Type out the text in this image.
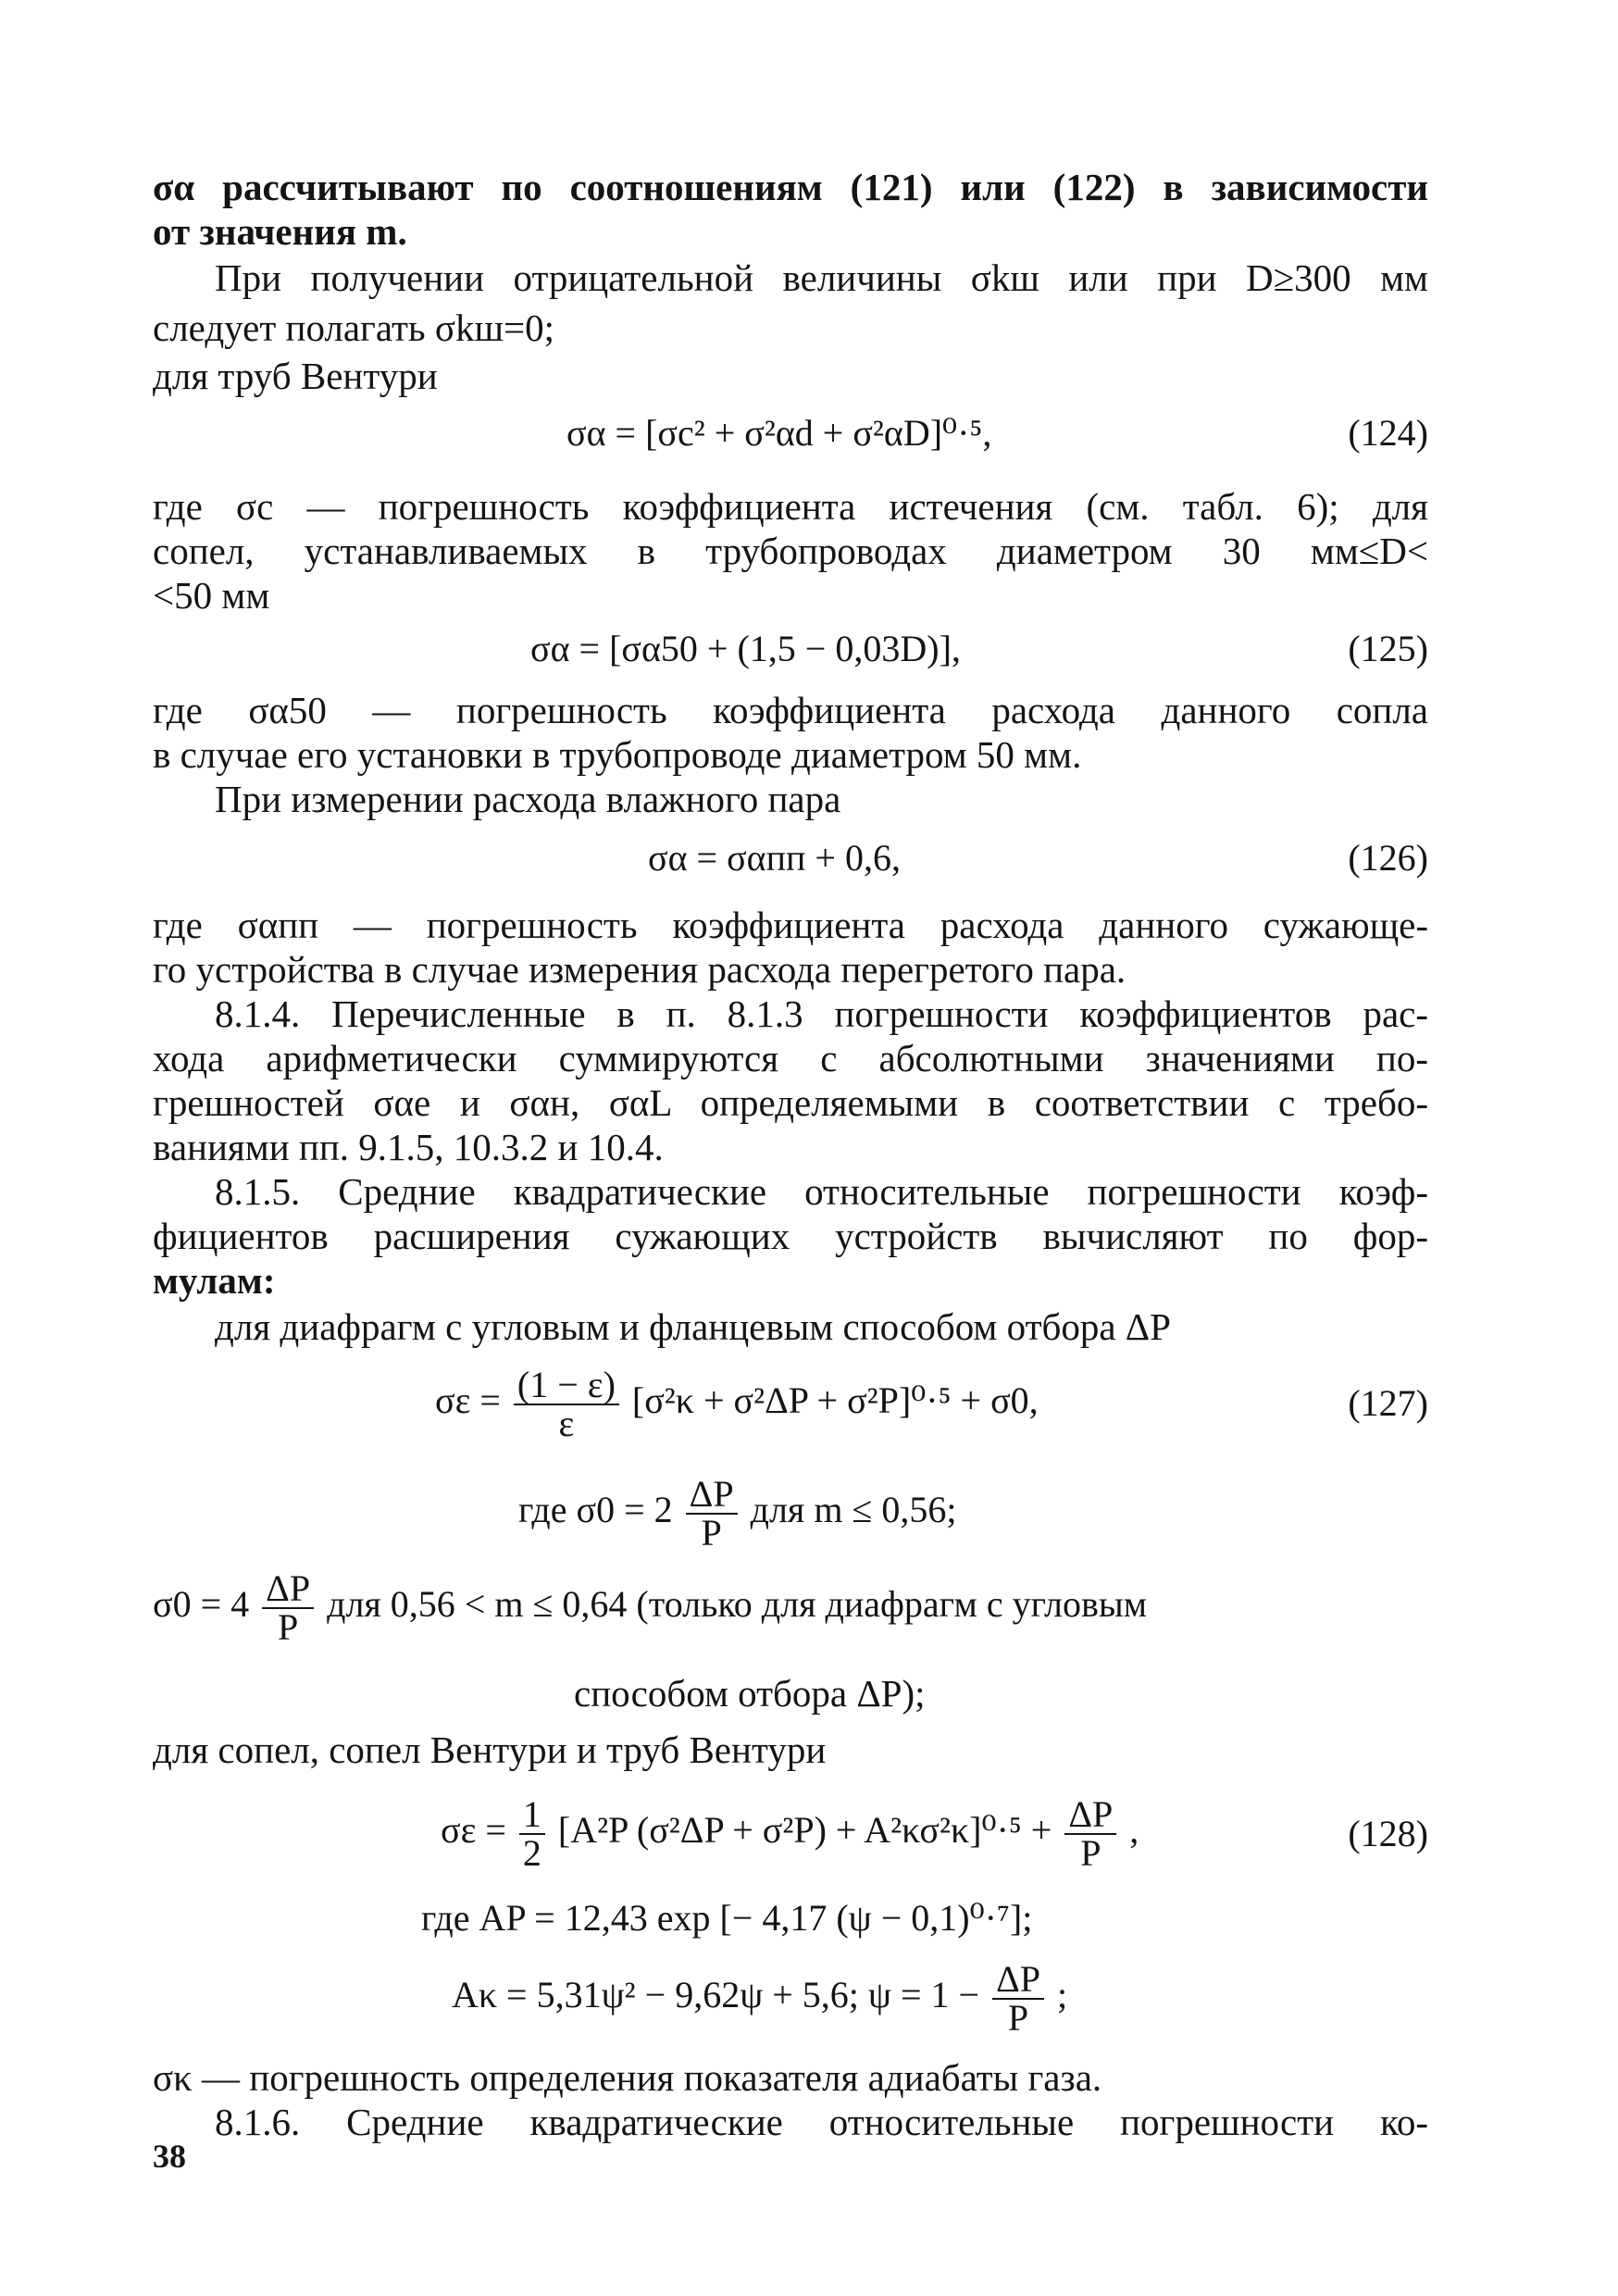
σα рассчитывают по соотношениям (121) или (122) в зависимости
от значения m.
При получении отрицательной величины σkш или при D≥300 мм
следует полагать σkш=0;
для труб Вентури
σα = [σc² + σ²αd + σ²αD]⁰·⁵,	(124)
где σc — погрешность коэффициента истечения (см. табл. 6); для
сопел, устанавливаемых в трубопроводах диаметром 30 мм≤D<
<50 мм
σα = [σα50 + (1,5 − 0,03D)],	(125)
где σα50 — погрешность коэффициента расхода данного сопла
в случае его установки в трубопроводе диаметром 50 мм.
При измерении расхода влажного пара
σα = σαпп + 0,6,	(126)
где σαпп — погрешность коэффициента расхода данного сужающе-
го устройства в случае измерения расхода перегретого пара.
8.1.4. Перечисленные в п. 8.1.3 погрешности коэффициентов рас-
хода арифметически суммируются с абсолютными значениями по-
грешностей σαe и σαн, σαL определяемыми в соответствии с требо-
ваниями пп. 9.1.5, 10.3.2 и 10.4.
8.1.5. Средние квадратические относительные погрешности коэф-
фициентов расширения сужающих устройств вычисляют по фор-
мулам:
для диафрагм с угловым и фланцевым способом отбора ΔP
$\sigma\varepsilon = \frac{(1 - \varepsilon)}{\varepsilon} [\sigma^2\kappa + \sigma^2\Delta P + \sigma^2P]^0\cdot^5 + \sigma 0$,	(127)
где $\sigma 0 = 2 \frac{\Delta P}{P}$ для m ≤ 0,56;
$\sigma 0 = 4 \frac{\Delta P}{P}$ для 0,56 < m ≤ 0,64 (только для диафрагм с угловым
способом отбора ΔP);
для сопел, сопел Вентури и труб Вентури
$\sigma\varepsilon = \frac{1}{2} [A^2P$ $(\sigma^2\Delta P + \sigma^2P) + A^2\kappa\sigma^2\kappa]^0\cdot^5 + \frac{\Delta P}{P}$ ,	(128)
где AP = 12,43 exp [− 4,17 (ψ − 0,1)⁰·⁷];
Aκ = 5,31ψ² − 9,62ψ + 5,6; $\psi = 1 - \frac{\Delta P}{P}$ ;
σκ — погрешность определения показателя адиабаты газа.
8.1.6. Средние квадратические относительные погрешности ко-
38
